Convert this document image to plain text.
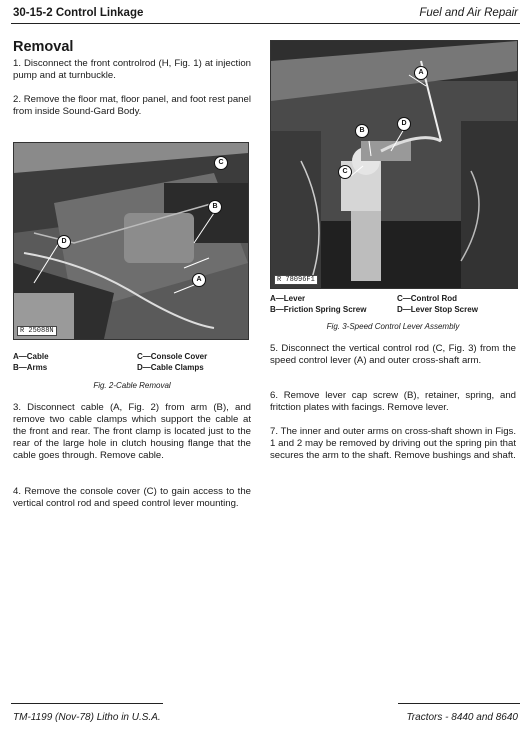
30-15-2 Control Linkage	Fuel and Air Repair
Removal
1. Disconnect the front controlrod (H, Fig. 1) at injection pump and at turnbuckle.
2. Remove the floor mat, floor panel, and foot rest panel from inside Sound-Gard Body.
C
B
A
D
R 25088N
A—Cable
B—Arms
C—Console Cover
D—Cable Clamps
Fig. 2-Cable Removal
3. Disconnect cable (A, Fig. 2) from arm (B), and remove two cable clamps which support the cable at the front and rear. The front clamp is located just to the rear of the large hole in clutch housing flange that the cable goes through. Remove cable.
4. Remove the console cover (C) to gain access to the vertical control rod and speed control lever mounting.
A
B
D
C
R 78096F1
A—Lever
B—Friction Spring Screw
C—Control Rod
D—Lever Stop Screw
Fig. 3-Speed Control Lever Assembly
5. Disconnect the vertical control rod (C, Fig. 3) from the speed control lever (A) and outer cross-shaft arm.
6. Remove lever cap screw (B), retainer, spring, and fritction plates with facings. Remove lever.
7. The inner and outer arms on cross-shaft shown in Figs. 1 and 2 may be removed by driving out the spring pin that secures the arm to the shaft. Remove bushings and shaft.
TM-1199 (Nov-78) Litho in U.S.A.	Tractors - 8440 and 8640
